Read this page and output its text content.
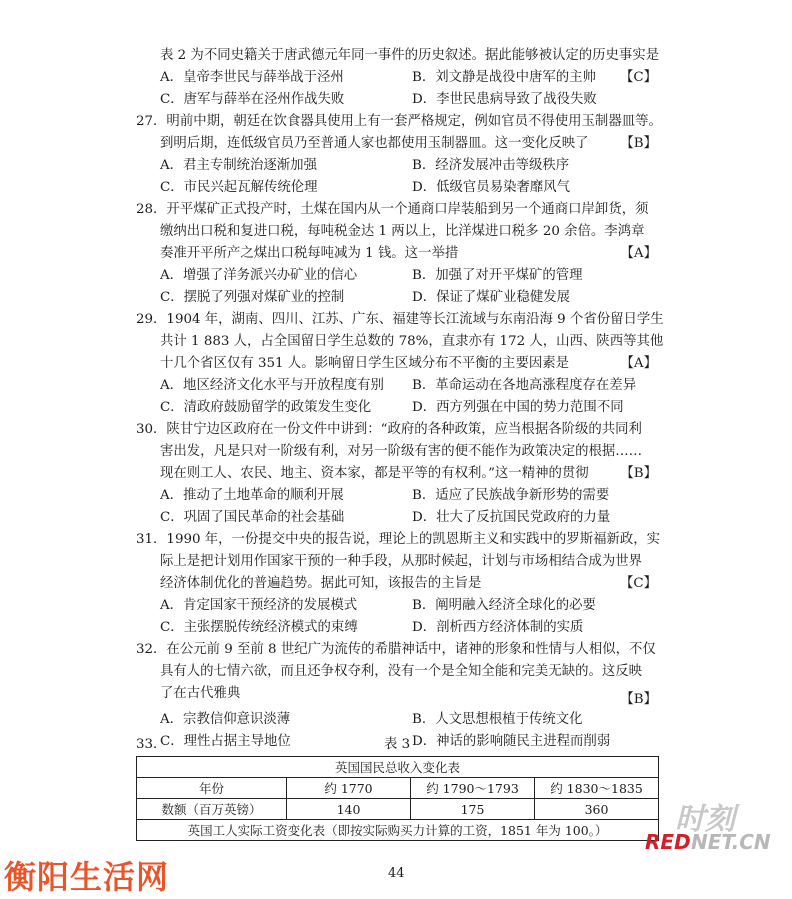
表 2 为不同史籍关于唐武德元年同一事件的历史叙述。据此能够被认定的历史事实是
A．皇帝李世民与薛举战于泾州	B．刘文静是战役中唐军的主帅 【C】
C．唐军与薛举在泾州作战失败	D．李世民患病导致了战役失败
27．明前中期，朝廷在饮食器具使用上有一套严格规定，例如官员不得使用玉制器皿等。
到明后期，连低级官员乃至普通人家也都使用玉制器皿。这一变化反映了 【B】
A．君主专制统治逐渐加强	B．经济发展冲击等级秩序
C．市民兴起瓦解传统伦理	D．低级官员易染奢靡风气
28．开平煤矿正式投产时，土煤在国内从一个通商口岸装船到另一个通商口岸卸货，须
缴纳出口税和复进口税，每吨税金达 1 两以上，比洋煤进口税多 20 余倍。李鸿章
奏准开平所产之煤出口税每吨减为 1 钱。这一举措	【A】
A．增强了洋务派兴办矿业的信心	B．加强了对开平煤矿的管理
C．摆脱了列强对煤矿业的控制	D．保证了煤矿业稳健发展
29．1904 年，湖南、四川、江苏、广东、福建等长江流域与东南沿海 9 个省份留日学生
共计 1 883 人，占全国留日学生总数的 78%，直隶亦有 172 人，山西、陕西等其他
十几个省区仅有 351 人。影响留日学生区域分布不平衡的主要因素是	【A】
A．地区经济文化水平与开放程度有别 B．革命运动在各地高涨程度存在差异
C．清政府鼓励留学的政策发生变化	D．西方列强在中国的势力范围不同
30．陕甘宁边区政府在一份文件中讲到：“政府的各种政策，应当根据各阶级的共同利
害出发，凡是只对一阶级有利，对另一阶级有害的便不能作为政策决定的根据……
现在则工人、农民、地主、资本家，都是平等的有权利。”这一精神的贯彻 【B】
A．推动了土地革命的顺利开展	B．适应了民族战争新形势的需要
C．巩固了国民革命的社会基础	D．壮大了反抗国民党政府的力量
31．1990 年，一份提交中央的报告说，理论上的凯恩斯主义和实践中的罗斯福新政，实
际上是把计划用作国家干预的一种手段，从那时候起，计划与市场相结合成为世界
经济体制优化的普遍趋势。据此可知，该报告的主旨是	【C】
A．肯定国家干预经济的发展模式	B．阐明融入经济全球化的必要
C．主张摆脱传统经济模式的束缚	D．剖析西方经济体制的实质
32．在公元前 9 至前 8 世纪广为流传的希腊神话中，诸神的形象和性情与人相似，不仅
具有人的七情六欲，而且还争权夺利，没有一个是全知全能和完美无缺的。这反映
了在古代雅典	【B】
A．宗教信仰意识淡薄	B．人文思想根植于传统文化
C．理性占据主导地位	D．神话的影响随民主进程而削弱
33．	表 3
英国国民总收入变化表			
年份	约 1770	约 1790～1793	约 1830～1835
数额（百万英镑）	140	175	360
英国工人实际工资变化表（即按实际购买力计算的工资，1851 年为 100。）			
44
衡阳生活网
时刻
RED NET.CN
